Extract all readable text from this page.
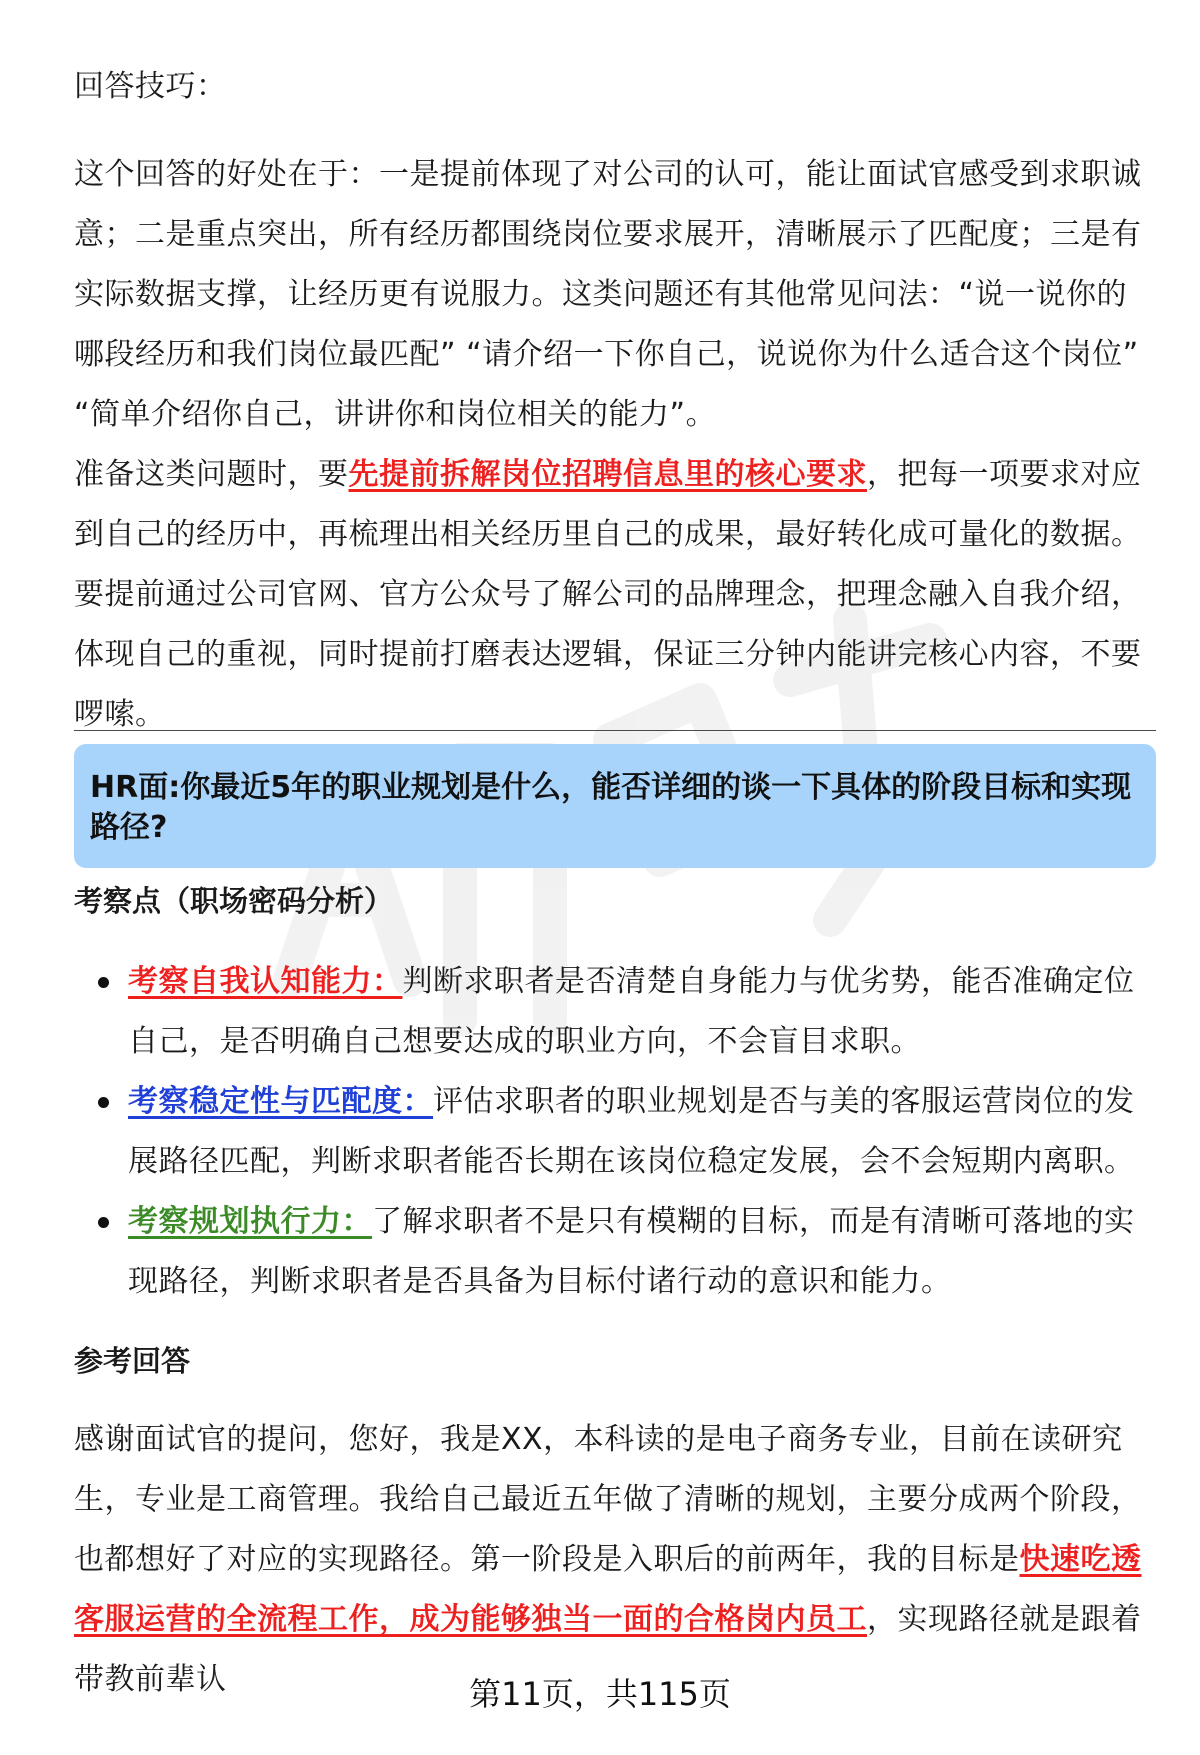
回答技巧：

这个回答的好处在于：一是提前体现了对公司的认可，能让面试官感受到求职诚意；二是重点突出，所有经历都围绕岗位要求展开，清晰展示了匹配度；三是有实际数据支撑，让经历更有说服力。这类问题还有其他常见问法：“说一说你的哪段经历和我们岗位最匹配” “请介绍一下你自己，说说你为什么适合这个岗位” “简单介绍你自己，讲讲你和岗位相关的能力”。

准备这类问题时，要先提前拆解岗位招聘信息里的核心要求，把每一项要求对应到自己的经历中，再梳理出相关经历里自己的成果，最好转化成可量化的数据。要提前通过公司官网、官方公众号了解公司的品牌理念，把理念融入自我介绍，体现自己的重视，同时提前打磨表达逻辑，保证三分钟内能讲完核心内容，不要啰嗦。

HR面:你最近5年的职业规划是什么，能否详细的谈一下具体的阶段目标和实现路径?
考察点（职场密码分析）
考察自我认知能力：判断求职者是否清楚自身能力与优劣势，能否准确定位自己，是否明确自己想要达成的职业方向，不会盲目求职。
考察稳定性与匹配度：评估求职者的职业规划是否与美的客服运营岗位的发展路径匹配，判断求职者能否长期在该岗位稳定发展，会不会短期内离职。
考察规划执行力：了解求职者不是只有模糊的目标，而是有清晰可落地的实现路径，判断求职者是否具备为目标付诸行动的意识和能力。
参考回答

感谢面试官的提问，您好，我是XX，本科读的是电子商务专业，目前在读研究生，专业是工商管理。我给自己最近五年做了清晰的规划，主要分成两个阶段，也都想好了对应的实现路径。第一阶段是入职后的前两年，我的目标是快速吃透客服运营的全流程工作，成为能够独当一面的合格岗内员工，实现路径就是跟着带教前辈认	第11页，共115页
